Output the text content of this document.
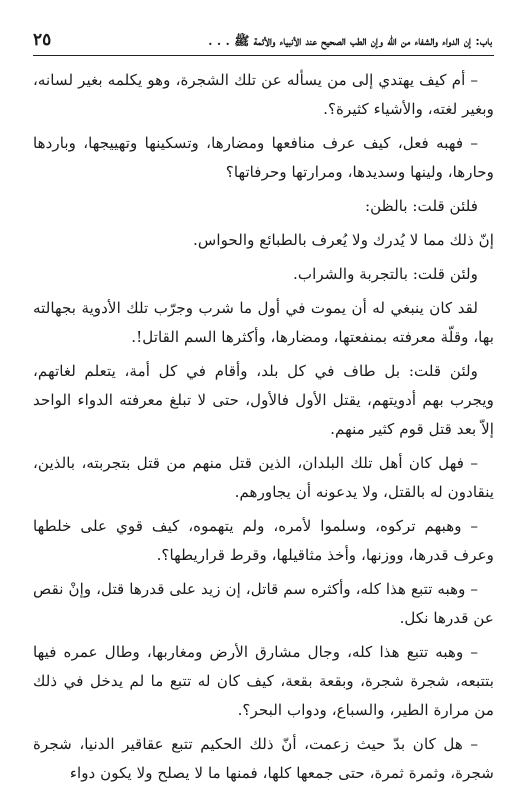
باب: إن الدواء والشفاء من الله وإن الطب الصحيح عند الأنبياء والأئمة ﷺ . . .
٢٥

– أم كيف يهتدي إلى من يسأله عن تلك الشجرة، وهو يكلمه بغير لسانه، وبغير لغته، والأشياء كثيرة؟.

– فهبه فعل، كيف عرف منافعها ومضارها، وتسكينها وتهييجها، وباردها وحارها، ولينها وسديدها، ومرارتها وحرفاتها؟

فلئن قلت: بالظن:

إنّ ذلك مما لا يُدرك ولا يُعرف بالطبائع والحواس.

ولئن قلت: بالتجربة والشراب.

لقد كان ينبغي له أن يموت في أول ما شرب وجرّب تلك الأدوية بجهالته بها، وقلّة معرفته بمنفعتها، ومضارها، وأكثرها السم القاتل!.

ولئن قلت: بل طاف في كل بلد، وأقام في كل أمة، يتعلم لغاتهم، ويجرب بهم أدويتهم، يقتل الأول فالأول، حتى لا تبلغ معرفته الدواء الواحد إلاّ بعد قتل قوم كثير منهم.

– فهل كان أهل تلك البلدان، الذين قتل منهم من قتل بتجربته، بالذين، ينقادون له بالقتل، ولا يدعونه أن يجاورهم.

– وهبهم تركوه، وسلموا لأمره، ولم يتهموه، كيف قوي على خلطها وعرف قدرها، ووزنها، وأخذ مثاقيلها، وقرط قراريطها؟.

– وهبه تتبع هذا كله، وأكثره سم قاتل، إن زيد على قدرها قتل، وإنْ نقص عن قدرها نكل.

– وهبه تتبع هذا كله، وجال مشارق الأرض ومغاربها، وطال عمره فيها بتتبعه، شجرة شجرة، وبقعة بقعة، كيف كان له تتبع ما لم يدخل في ذلك من مرارة الطير، والسباع، ودواب البحر؟.

– هل كان بدّ حيث زعمت، أنّ ذلك الحكيم تتبع عقاقير الدنيا، شجرة شجرة، وثمرة ثمرة، حتى جمعها كلها، فمنها ما لا يصلح ولا يكون دواء
